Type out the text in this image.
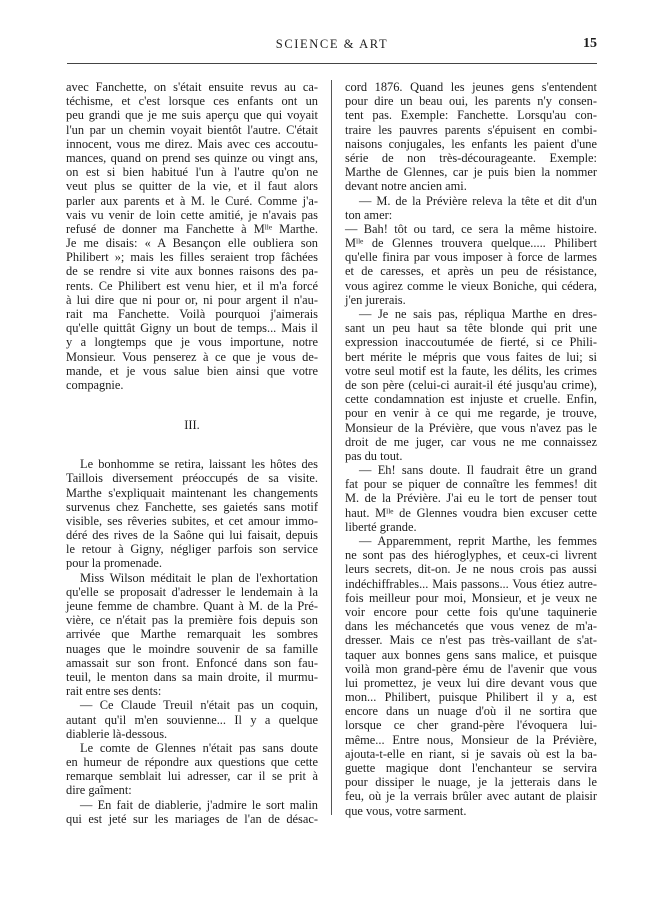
SCIENCE & ART	15
avec Fanchette, on s'était ensuite revus au ca-
téchisme, et c'est lorsque ces enfants ont un
peu grandi que je me suis aperçu que qui voyait
l'un par un chemin voyait bientôt l'autre. C'était
innocent, vous me direz. Mais avec ces accoutu-
mances, quand on prend ses quinze ou vingt ans,
on est si bien habitué l'un à l'autre qu'on ne
veut plus se quitter de la vie, et il faut alors
parler aux parents et à M. le Curé. Comme j'a-
vais vu venir de loin cette amitié, je n'avais pas
refusé de donner ma Fanchette à Mˡˡᵉ Marthe.
Je me disais: « A Besançon elle oubliera son
Philibert »; mais les filles seraient trop fâchées
de se rendre si vite aux bonnes raisons des pa-
rents. Ce Philibert est venu hier, et il m'a forcé
à lui dire que ni pour or, ni pour argent il n'au-
rait ma Fanchette. Voilà pourquoi j'aimerais
qu'elle quittât Gigny un bout de temps... Mais il
y a longtemps que je vous importune, notre
Monsieur. Vous penserez à ce que je vous de-
mande, et je vous salue bien ainsi que votre
compagnie.
III.
Le bonhomme se retira, laissant les hôtes des
Taillois diversement préoccupés de sa visite.
Marthe s'expliquait maintenant les changements
survenus chez Fanchette, ses gaietés sans motif
visible, ses rêveries subites, et cet amour immo-
déré des rives de la Saône qui lui faisait, depuis
le retour à Gigny, négliger parfois son service
pour la promenade.
Miss Wilson méditait le plan de l'exhortation
qu'elle se proposait d'adresser le lendemain à la
jeune femme de chambre. Quant à M. de la Pré-
vière, ce n'était pas la première fois depuis son
arrivée que Marthe remarquait les sombres
nuages que le moindre souvenir de sa famille
amassait sur son front. Enfoncé dans son fau-
teuil, le menton dans sa main droite, il murmu-
rait entre ses dents:
— Ce Claude Treuil n'était pas un coquin,
autant qu'il m'en souvienne... Il y a quelque
diablerie là-dessous.
Le comte de Glennes n'était pas sans doute
en humeur de répondre aux questions que cette
remarque semblait lui adresser, car il se prit à
dire gaîment:
— En fait de diablerie, j'admire le sort malin
qui est jeté sur les mariages de l'an de désac-
cord 1876. Quand les jeunes gens s'entendent
pour dire un beau oui, les parents n'y consen-
tent pas. Exemple: Fanchette. Lorsqu'au con-
traire les pauvres parents s'épuisent en combi-
naisons conjugales, les enfants les paient d'une
série de non très-décourageante. Exemple:
Marthe de Glennes, car je puis bien la nommer
devant notre ancien ami.
— M. de la Prévière releva la tête et dit d'un
ton amer:
— Bah! tôt ou tard, ce sera la même histoire.
Mˡˡᵉ de Glennes trouvera quelque..... Philibert
qu'elle finira par vous imposer à force de larmes
et de caresses, et après un peu de résistance,
vous agirez comme le vieux Boniche, qui cédera,
j'en jurerais.
— Je ne sais pas, répliqua Marthe en dres-
sant un peu haut sa tête blonde qui prit une
expression inaccoutumée de fierté, si ce Phili-
bert mérite le mépris que vous faites de lui; si
votre seul motif est la faute, les délits, les crimes
de son père (celui-ci aurait-il été jusqu'au crime),
cette condamnation est injuste et cruelle. Enfin,
pour en venir à ce qui me regarde, je trouve,
Monsieur de la Prévière, que vous n'avez pas le
droit de me juger, car vous ne me connaissez
pas du tout.
— Eh! sans doute. Il faudrait être un grand
fat pour se piquer de connaître les femmes! dit
M. de la Prévière. J'ai eu le tort de penser tout
haut. Mˡˡᵉ de Glennes voudra bien excuser cette
liberté grande.
— Apparemment, reprit Marthe, les femmes
ne sont pas des hiéroglyphes, et ceux-ci livrent
leurs secrets, dit-on. Je ne nous crois pas aussi
indéchiffrables... Mais passons... Vous étiez autre-
fois meilleur pour moi, Monsieur, et je veux ne
voir encore pour cette fois qu'une taquinerie
dans les méchancetés que vous venez de m'a-
dresser. Mais ce n'est pas très-vaillant de s'at-
taquer aux bonnes gens sans malice, et puisque
voilà mon grand-père ému de l'avenir que vous
lui promettez, je veux lui dire devant vous que
mon... Philibert, puisque Philibert il y a, est
encore dans un nuage d'où il ne sortira que
lorsque ce cher grand-père l'évoquera lui-
même... Entre nous, Monsieur de la Prévière,
ajouta-t-elle en riant, si je savais où est la ba-
guette magique dont l'enchanteur se servira
pour dissiper le nuage, je la jetterais dans le
feu, où je la verrais brûler avec autant de plaisir
que vous, votre sarment.
